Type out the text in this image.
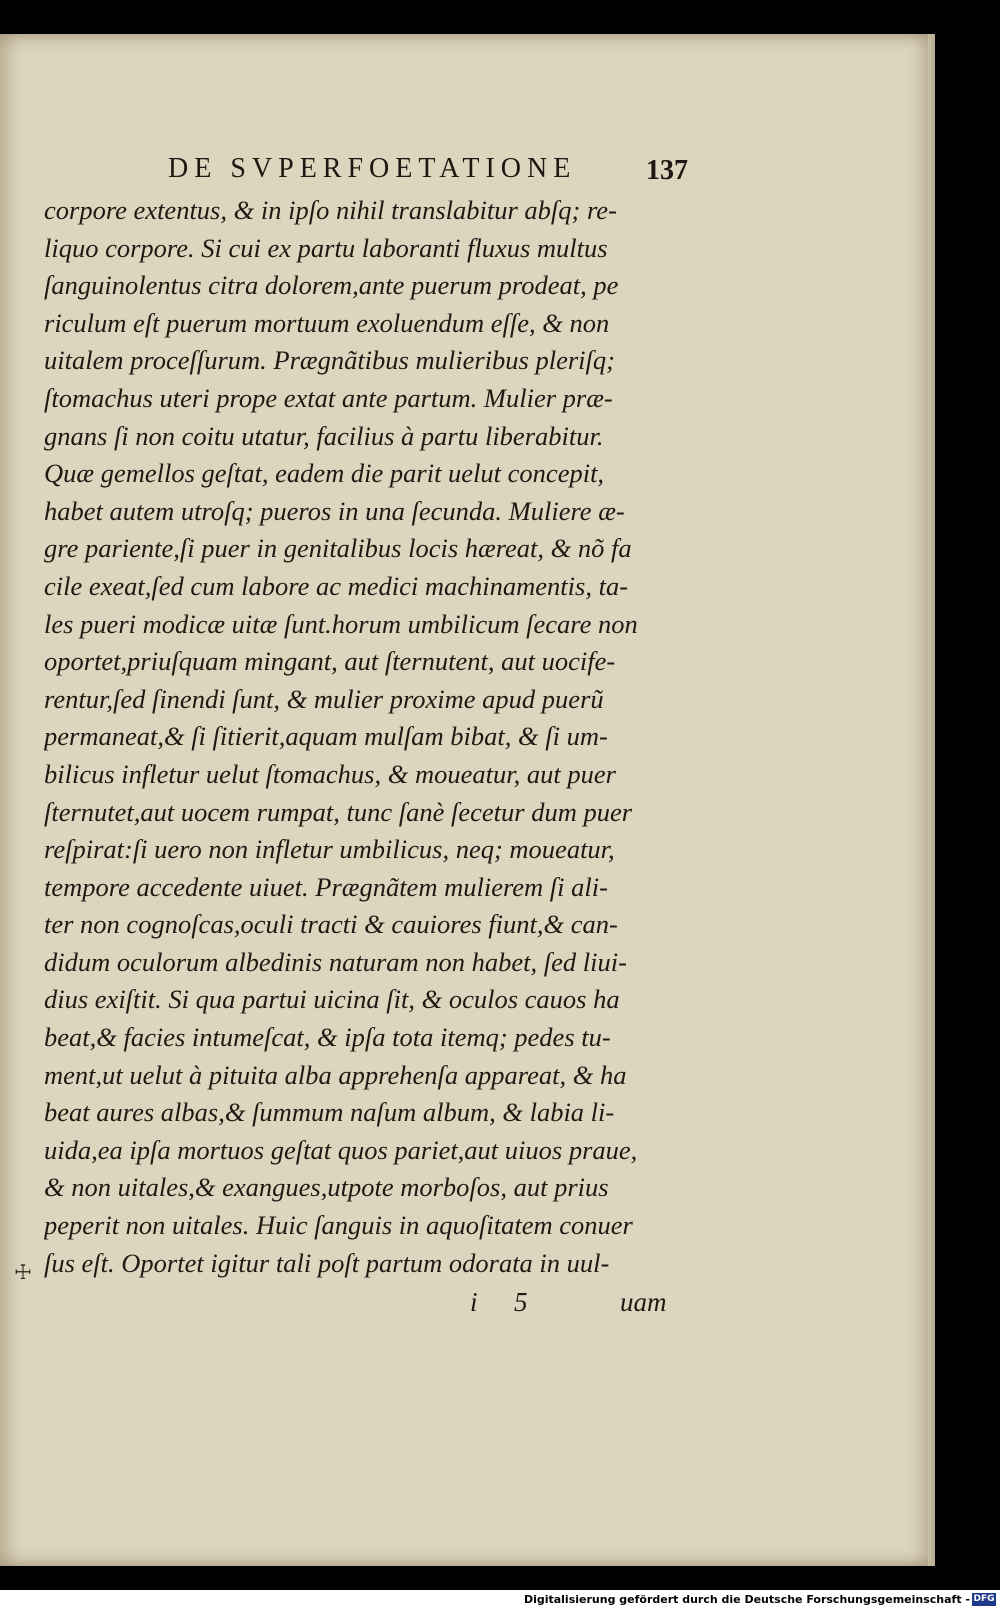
DE SVPERFOETATIONE 137
corpore extentus, & in ipſo nihil translabitur abſq; re-
liquo corpore. Si cui ex partu laboranti fluxus multus
ſanguinolentus citra dolorem,ante puerum prodeat, pe
riculum eſt puerum mortuum exoluendum eſſe, & non
uitalem proceſſurum. Prægnãtibus mulieribus pleriſq;
ſtomachus uteri prope extat ante partum. Mulier præ-
gnans ſi non coitu utatur, facilius à partu liberabitur.
Quæ gemellos geſtat, eadem die parit uelut concepit,
habet autem utroſq; pueros in una ſecunda. Muliere æ-
gre pariente,ſi puer in genitalibus locis hæreat, & nõ fa
cile exeat,ſed cum labore ac medici machinamentis, ta-
les pueri modicæ uitæ ſunt.horum umbilicum ſecare non
oportet,priuſquam mingant, aut ſternutent, aut uocife-
rentur,ſed ſinendi ſunt, & mulier proxime apud puerũ
permaneat,& ſi ſitierit,aquam mulſam bibat, & ſi um-
bilicus infletur uelut ſtomachus, & moueatur, aut puer
ſternutet,aut uocem rumpat, tunc ſanè ſecetur dum puer
reſpirat:ſi uero non infletur umbilicus, neq; moueatur,
tempore accedente uiuet. Prægnãtem mulierem ſi ali-
ter non cognoſcas,oculi tracti & cauiores fiunt,& can-
didum oculorum albedinis naturam non habet, ſed liui-
dius exiſtit. Si qua partui uicina ſit, & oculos cauos ha
beat,& facies intumeſcat, & ipſa tota itemq; pedes tu-
ment,ut uelut à pituita alba apprehenſa appareat, & ha
beat aures albas,& ſummum naſum album, & labia li-
uida,ea ipſa mortuos geſtat quos pariet,aut uiuos praue,
& non uitales,& exangues,utpote morboſos, aut prius
peperit non uitales. Huic ſanguis in aquoſitatem conuer
ſus eſt. Oportet igitur tali poſt partum odorata in uul-
☩
i 5	uam
Digitalisierung gefördert durch die Deutsche Forschungsgemeinschaft - DFG
